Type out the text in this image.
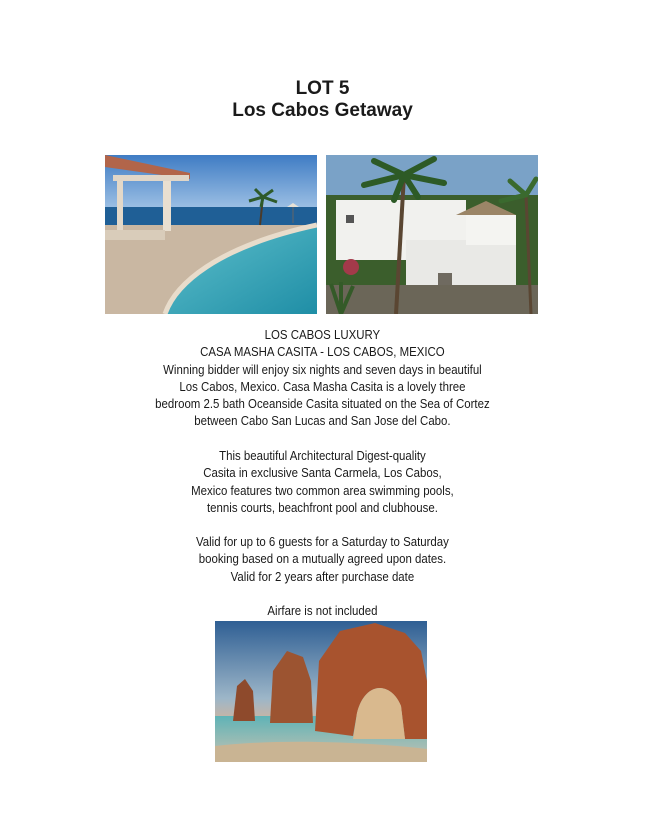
LOT 5
Los Cabos Getaway
LOS CABOS LUXURY
CASA MASHA CASITA - LOS CABOS, MEXICO
Winning bidder will enjoy six nights and seven days in beautiful
Los Cabos, Mexico. Casa Masha Casita is a lovely three
bedroom 2.5 bath Oceanside Casita situated on the Sea of Cortez
between Cabo San Lucas and San Jose del Cabo.
This beautiful Architectural Digest-quality
Casita in exclusive Santa Carmela, Los Cabos,
Mexico features two common area swimming pools,
tennis courts, beachfront pool and clubhouse.
Valid for up to 6 guests for a Saturday to Saturday
booking based on a mutually agreed upon dates.
Valid for 2 years after purchase date
Airfare is not included
